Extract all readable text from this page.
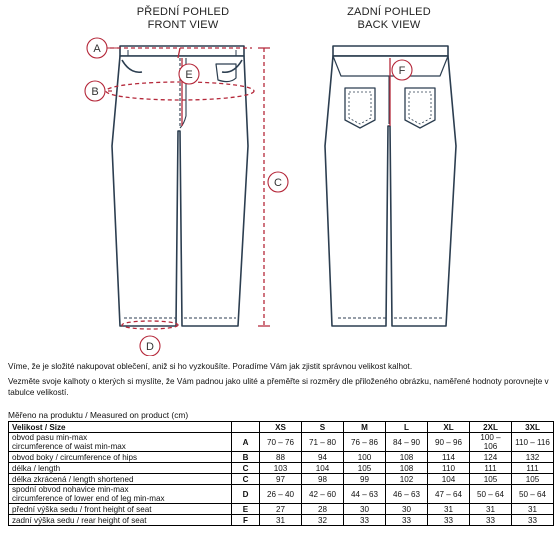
PŘEDNÍ POHLED
FRONT VIEW
ZADNÍ POHLED
BACK VIEW
A
B
E
C
D
F
Víme, že je složité nakupovat oblečení, aniž si ho vyzkoušíte. Poradíme Vám jak zjistit správnou velikost kalhot.
Vezměte svoje kalhoty o kterých si myslíte, že Vám padnou jako ulité a přeměřte si rozměry dle přiloženého obrázku, naměřené hodnoty porovnejte v tabulce velikostí.
Měřeno na produktu / Measured on product (cm)
Velikost / Size		XS	S	M	L	XL	2XL	3XL

obvod pasu min-max
circumference of waist min-max	A	70 – 76	71 – 80	76 – 86	84 – 90	90 – 96	100 – 106	110 – 116
obvod boky / circumference of hips	B	88	94	100	108	114	124	132
délka / length	C	103	104	105	108	110	111	111
délka zkrácená / length shortened	C	97	98	99	102	104	105	105

spodní obvod nohavice min-max
circumference of lower end of leg min-max	D	26 – 40	42 – 60	44 – 63	46 – 63	47 – 64	50 – 64	50 – 64
přední výška sedu / front height of seat	E	27	28	30	30	31	31	31
zadní výška sedu / rear height of seat	F	31	32	33	33	33	33	33
